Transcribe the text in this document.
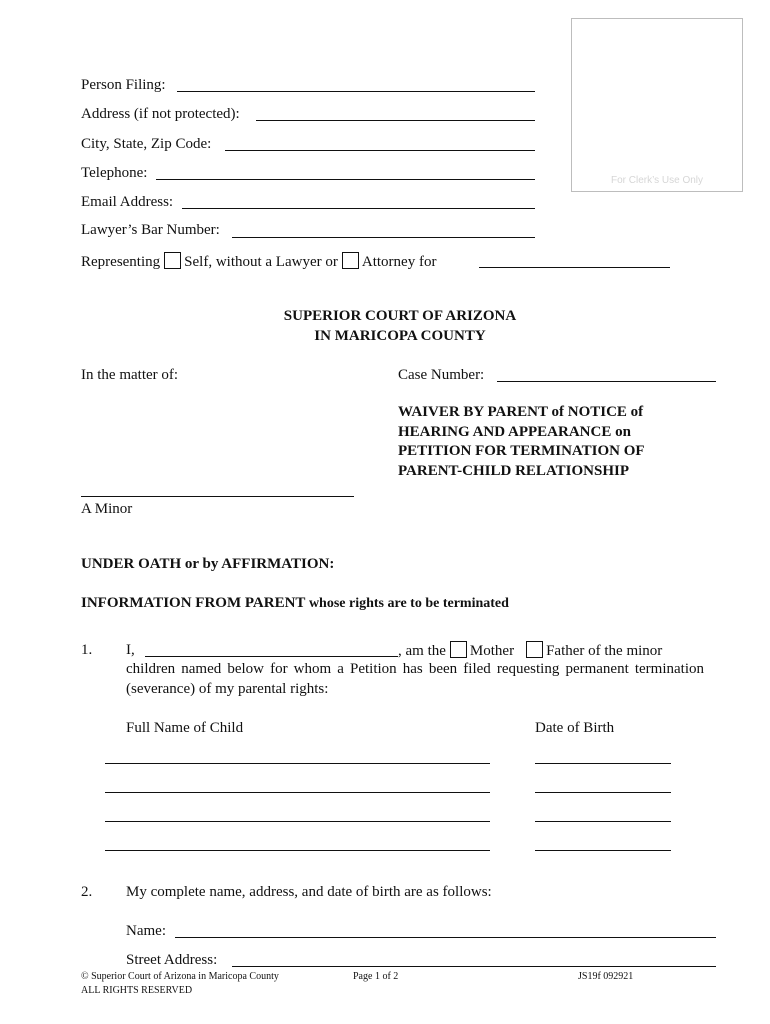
For Clerk’s Use Only
Person Filing:
Address (if not protected):
City, State, Zip Code:
Telephone:
Email Address:
Lawyer’s Bar Number:
Representing Self, without a Lawyer or Attorney for
SUPERIOR COURT OF ARIZONA
IN MARICOPA COUNTY
In the matter of:	Case Number:
WAIVER BY PARENT of NOTICE of HEARING AND APPEARANCE on PETITION FOR TERMINATION OF PARENT-CHILD RELATIONSHIP
A Minor
UNDER OATH or by AFFIRMATION:
INFORMATION FROM PARENT whose rights are to be terminated
1. I,	, am the Mother Father of the minor
children named below for whom a Petition has been filed requesting permanent termination (severance) of my parental rights:
Full Name of Child	Date of Birth
2. My complete name, address, and date of birth are as follows:
Name:
Street Address:
© Superior Court of Arizona in Maricopa County
ALL RIGHTS RESERVED
Page 1 of 2	JS19f 092921
